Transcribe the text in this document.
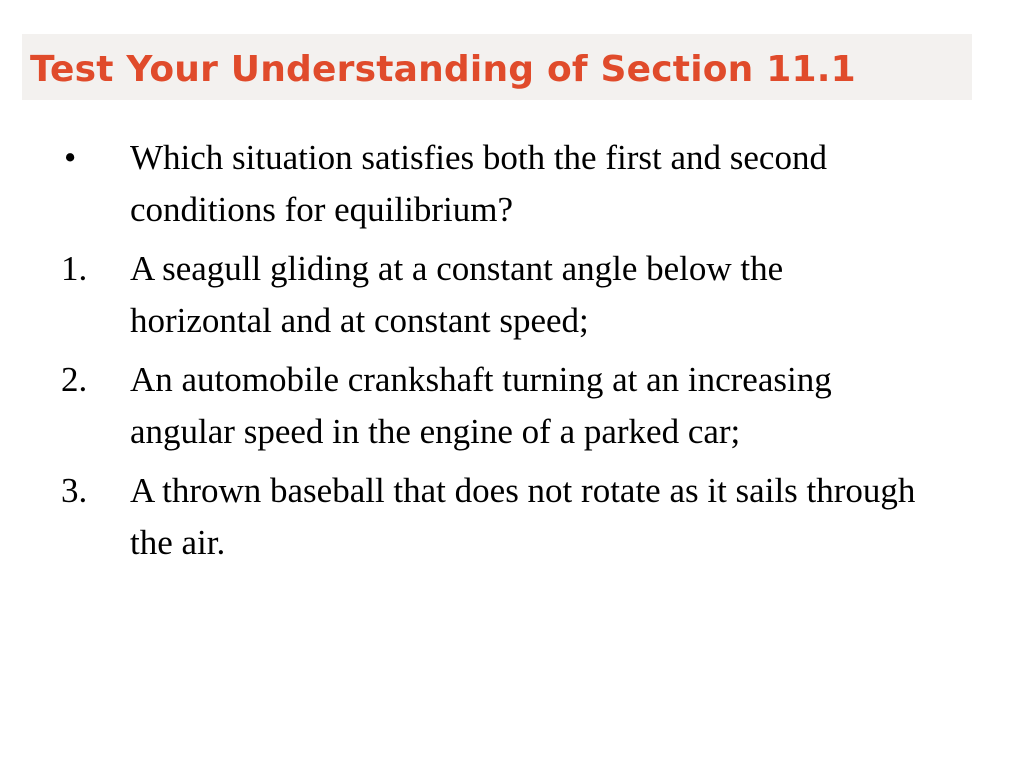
Test Your Understanding of Section 11.1
•	Which situation satisfies both the first and second conditions for equilibrium?
1.	A seagull gliding at a constant angle below the horizontal and at constant speed;
2.	An automobile crankshaft turning at an increasing angular speed in the engine of a parked car;
3.	A thrown baseball that does not rotate as it sails through the air.
